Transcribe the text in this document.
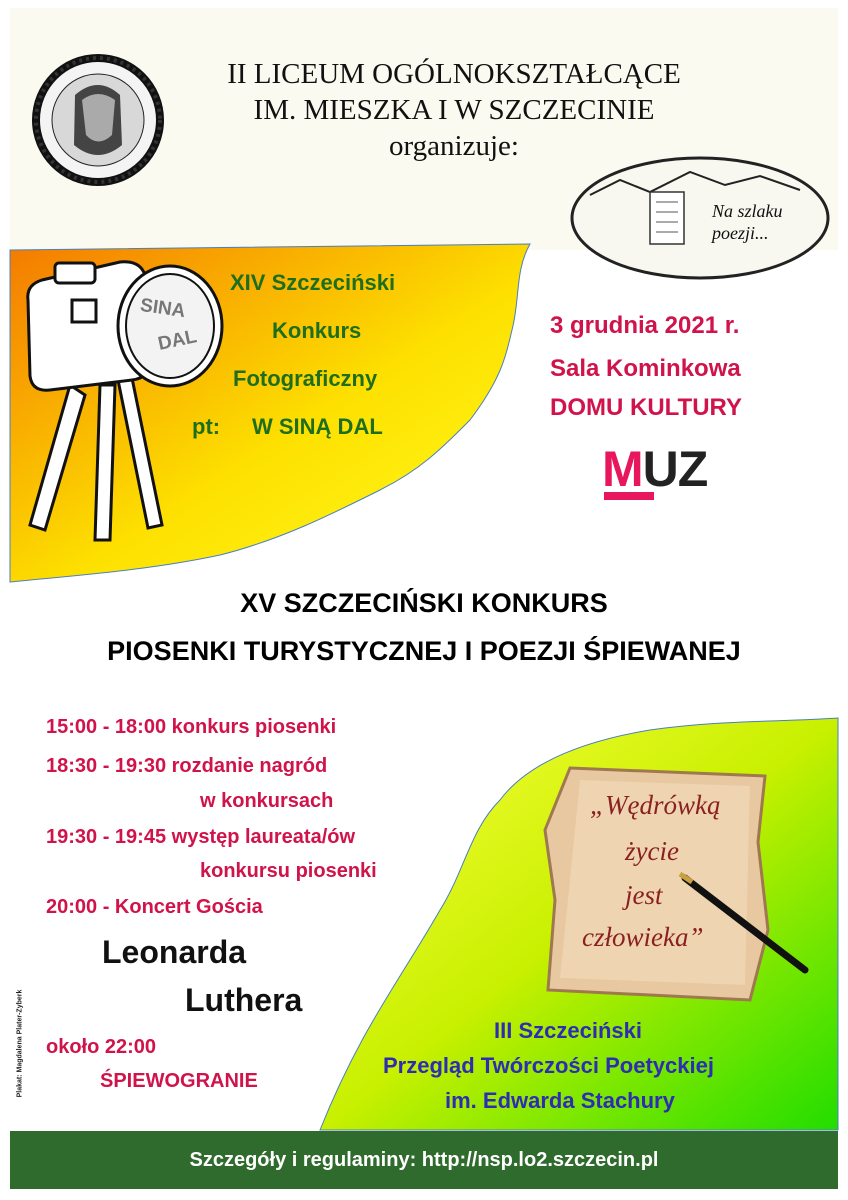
II LICEUM OGÓLNOKSZTAŁCĄCE
IM. MIESZKA I W SZCZECINIE
organizuje:
Na szlaku poezji...
SINA
DAL
XIV Szczeciński
Konkurs
Fotograficzny
pt: W SINĄ DAL
3 grudnia 2021 r.
Sala Kominkowa
DOMU KULTURY
MUZ
XV SZCZECIŃSKI KONKURS
PIOSENKI TURYSTYCZNEJ I POEZJI ŚPIEWANEJ
15:00 - 18:00 konkurs piosenki
18:30 - 19:30 rozdanie nagród
w konkursach
19:30 - 19:45 występ laureata/ów
konkursu piosenki
20:00 - Koncert Gościa
Leonarda
Luthera
około 22:00
ŚPIEWOGRANIE
„Wędrówką
życie
jest
człowieka”
III Szczeciński
Przegląd Twórczości Poetyckiej
im. Edwarda Stachury
Plakat: Magdalena Plater-Zyberk
Szczegóły i regulaminy: http://nsp.lo2.szczecin.pl
